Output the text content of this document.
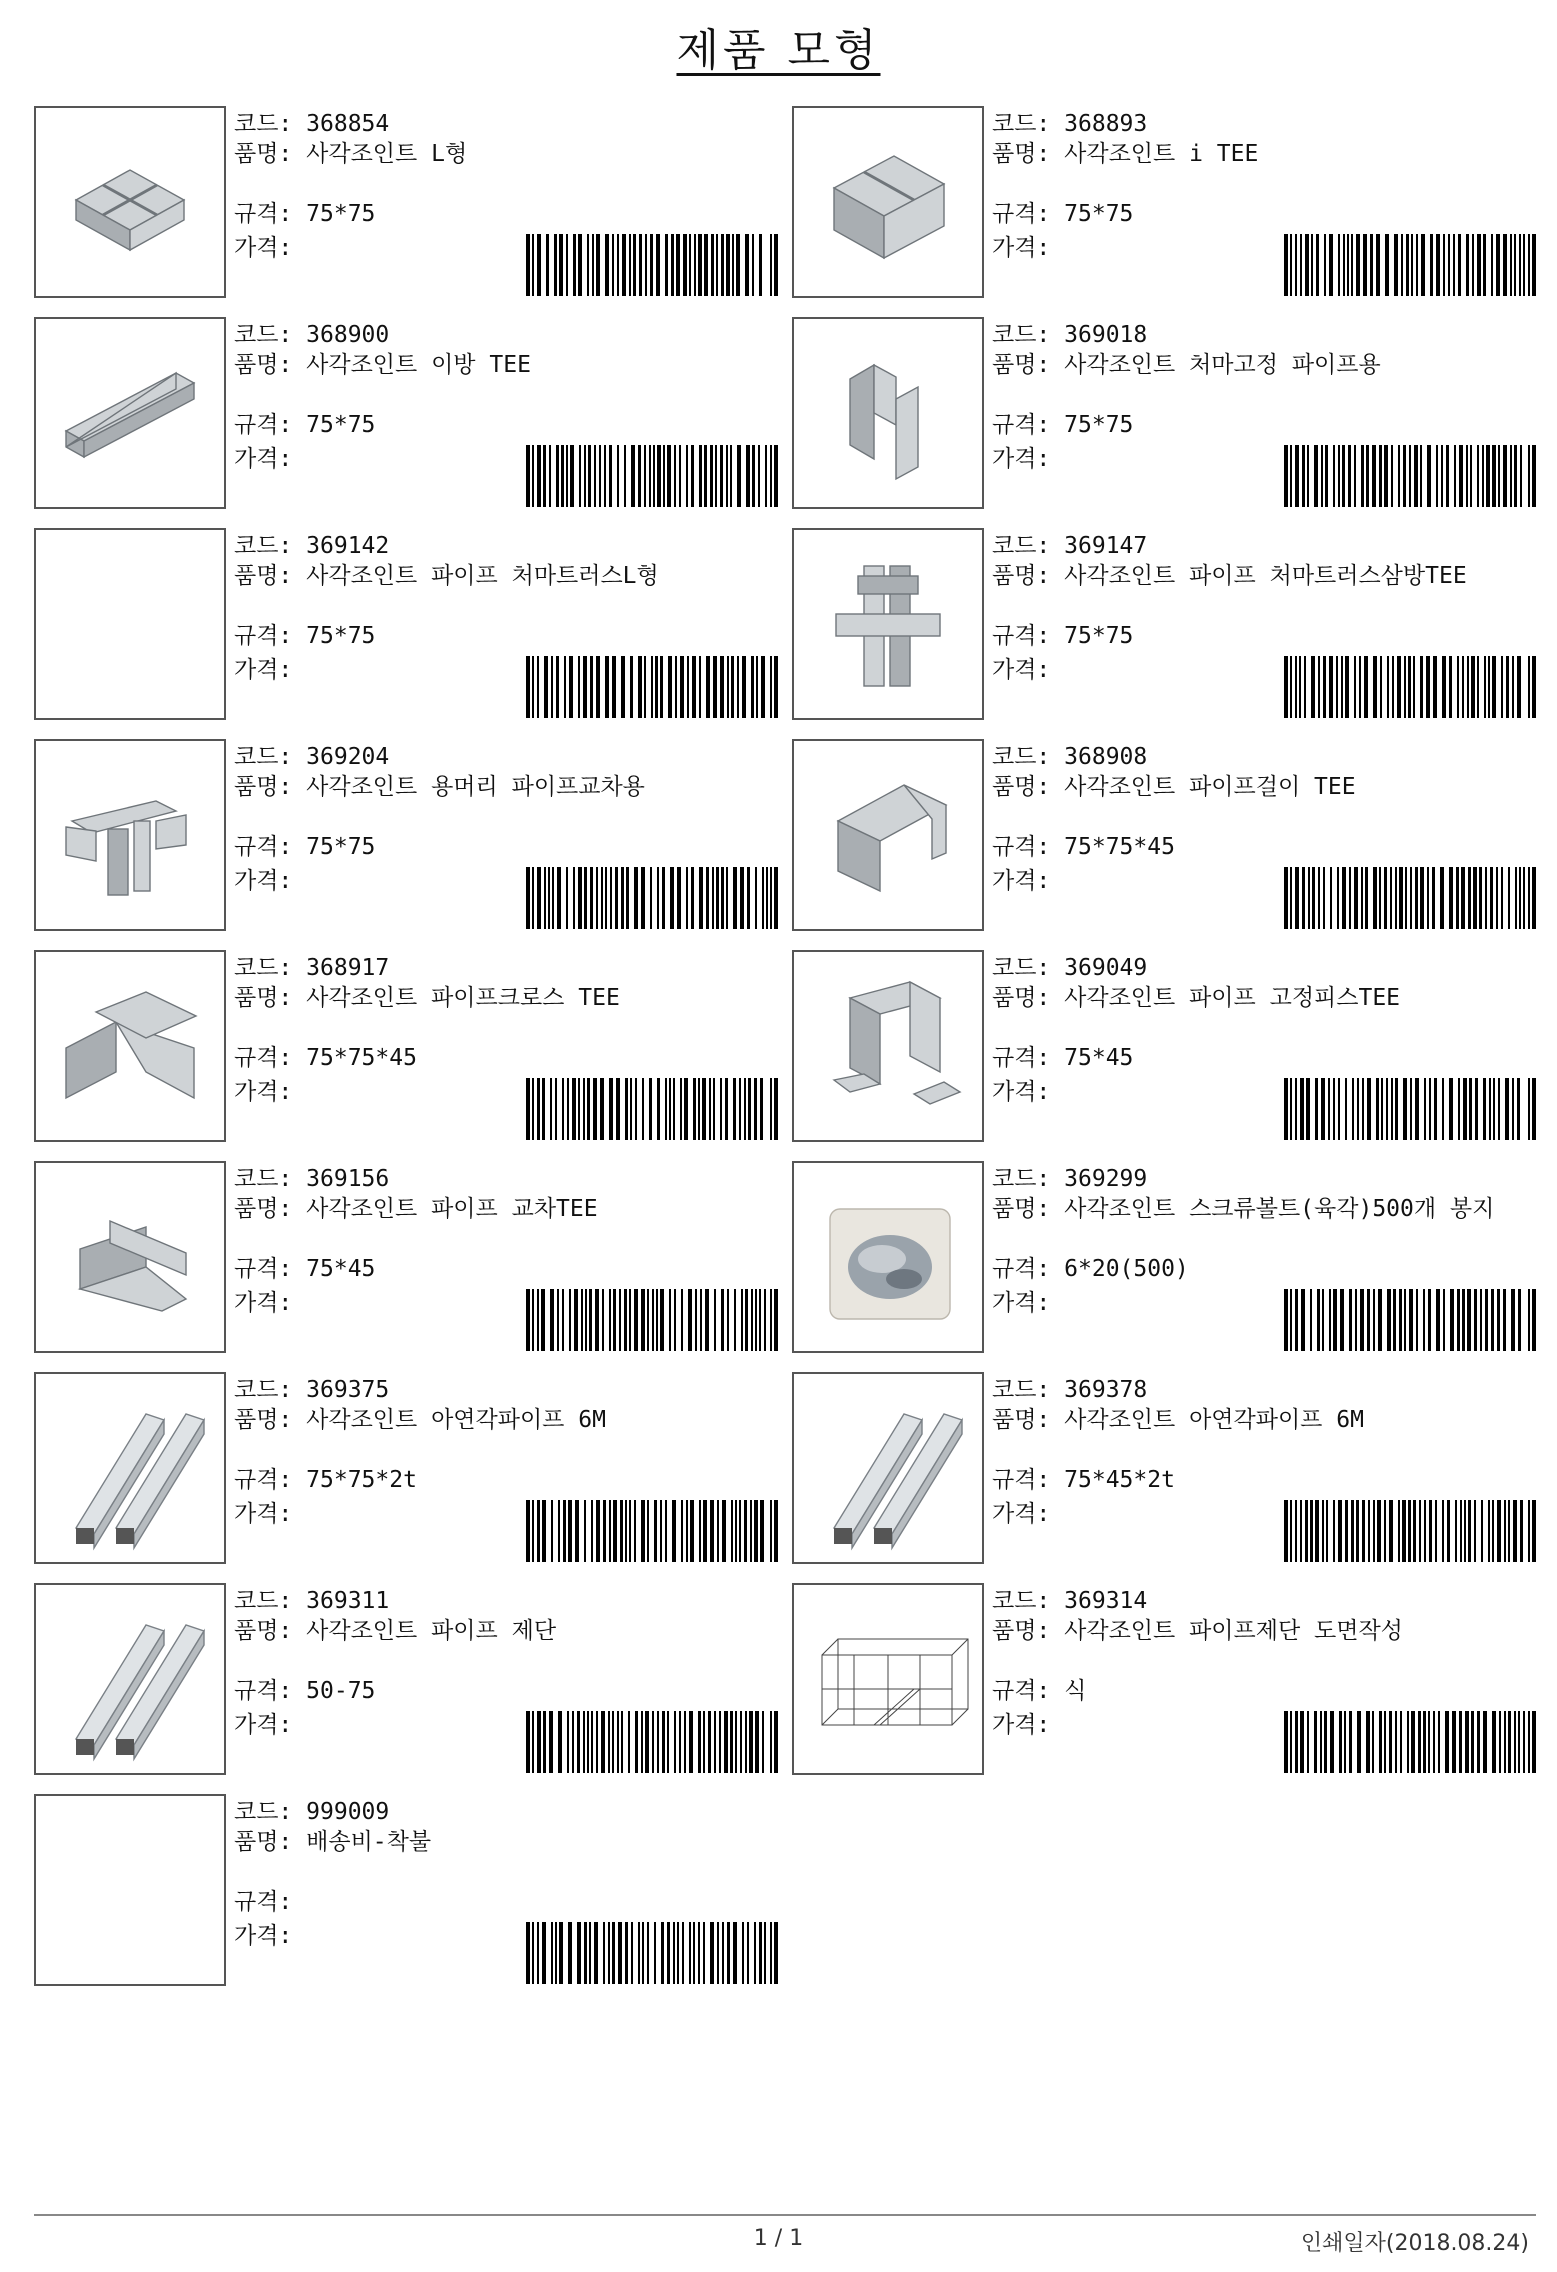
제품 모형
코드: 368854
품명: 사각조인트 L형
규격: 75*75
가격:
코드: 368893
품명: 사각조인트 i TEE
규격: 75*75
가격:
코드: 368900
품명: 사각조인트 이방 TEE
규격: 75*75
가격:
코드: 369018
품명: 사각조인트 처마고정 파이프용
규격: 75*75
가격:
코드: 369142
품명: 사각조인트 파이프 처마트러스L형
규격: 75*75
가격:
코드: 369147
품명: 사각조인트 파이프 처마트러스삼방TEE
규격: 75*75
가격:
코드: 369204
품명: 사각조인트 용머리 파이프교차용
규격: 75*75
가격:
코드: 368908
품명: 사각조인트 파이프걸이 TEE
규격: 75*75*45
가격:
코드: 368917
품명: 사각조인트 파이프크로스 TEE
규격: 75*75*45
가격:
코드: 369049
품명: 사각조인트 파이프 고정피스TEE
규격: 75*45
가격:
코드: 369156
품명: 사각조인트 파이프 교차TEE
규격: 75*45
가격:
코드: 369299
품명: 사각조인트 스크류볼트(육각)500개 봉지
규격: 6*20(500)
가격:
코드: 369375
품명: 사각조인트 아연각파이프 6M
규격: 75*75*2t
가격:
코드: 369378
품명: 사각조인트 아연각파이프 6M
규격: 75*45*2t
가격:
코드: 369311
품명: 사각조인트 파이프 제단
규격: 50-75
가격:
코드: 369314
품명: 사각조인트 파이프제단 도면작성
규격: 식
가격:
코드: 999009
품명: 배송비-착불
규격:
가격:
1 / 1	인쇄일자(2018.08.24)
